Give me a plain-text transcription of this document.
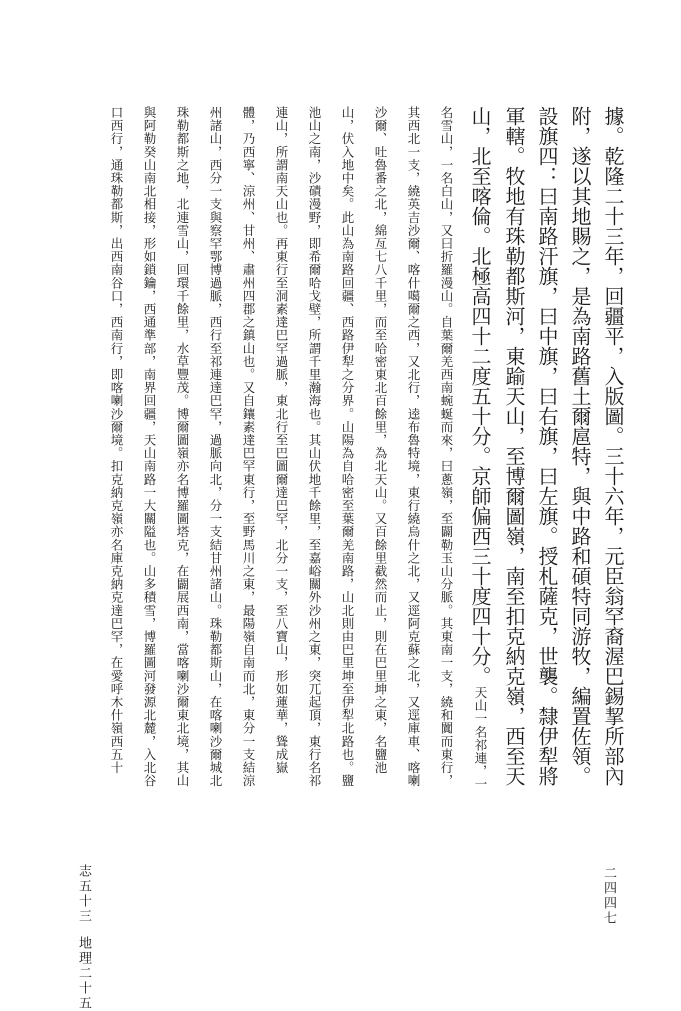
據。乾隆二十三年，回疆平，入版圖。三十六年，元臣翁罕裔渥巴錫挈所部內附，遂以其地賜之，是為南路舊土爾扈特，與中路和碩特同游牧，編置佐領。設旗四：曰南路汗旗，曰中旗，曰右旗，曰左旗。授札薩克，世襲。隸伊犁將軍轄。牧地有珠勒都斯河，東踰天山，至博爾圖嶺，南至扣克納克嶺，西至天山，北至喀倫。北極高四十二度五十分。京師偏西三十度四十分。天山一名祁連，一名雪山，一名白山，又曰折羅漫山。自葉爾羌西南蜿蜒而來，曰蔥嶺，至闢勒玉山分脈。其東南一支，繞和闐而東行，其西北一支，繞英吉沙爾、喀什噶爾之西，又北行，逵布魯特境，東行繞烏什之北，又逕阿克蘇之北，又逕庫車、喀喇沙爾、吐魯番之北，綿亙七八千里，而至哈密東北百餘里，為北天山。又百餘里截然而止，則在巴里坤之東，名鹽池山，伏入地中矣。此山為南路回疆、西路伊犁之分界。山陽為自哈密至葉爾羌南路，山北則由巴里坤至伊犁北路也。鹽池山之南，沙磧漫野，即希爾哈戈壁，所謂千里瀚海也。其山伏地千餘里，至嘉峪關外沙州之東，突兀起頂，東行名祁連山，所謂南天山也。再東行至洞素達巴罕過脈，東北行至巴圖爾達巴罕，北分一支，至八寶山，形如蓮華，聳成嶽體，乃西寧、涼州、甘州、肅州四郡之鎮山也。又自鑲素達巴罕東行，至野馬川之東，最陽嶺自南而北，東分一支結涼州諸山，西分一支與察罕鄂博過脈，西行至祁連達巴罕，過脈向北，分一支結甘州諸山。珠勒都斯山，在喀喇沙爾城北珠勒都斯之地，北連雪山，回環千餘里，水草豐茂。博爾圖嶺亦名博羅圖塔克，在闢展西南，當喀喇沙爾東北境，其山與阿勒癸山南北相接，形如鎖鑰，西通準部，南界回疆，天山南路一大關隘也。山多積雪，博羅圖河發源北麓，入北谷口西行，通珠勒都斯，出西南谷口，西南行，即喀喇沙爾境。扣克納克嶺亦名庫克納克達巴罕，在愛呼木什嶺西五十

志五十三地理二十五
二四四七
